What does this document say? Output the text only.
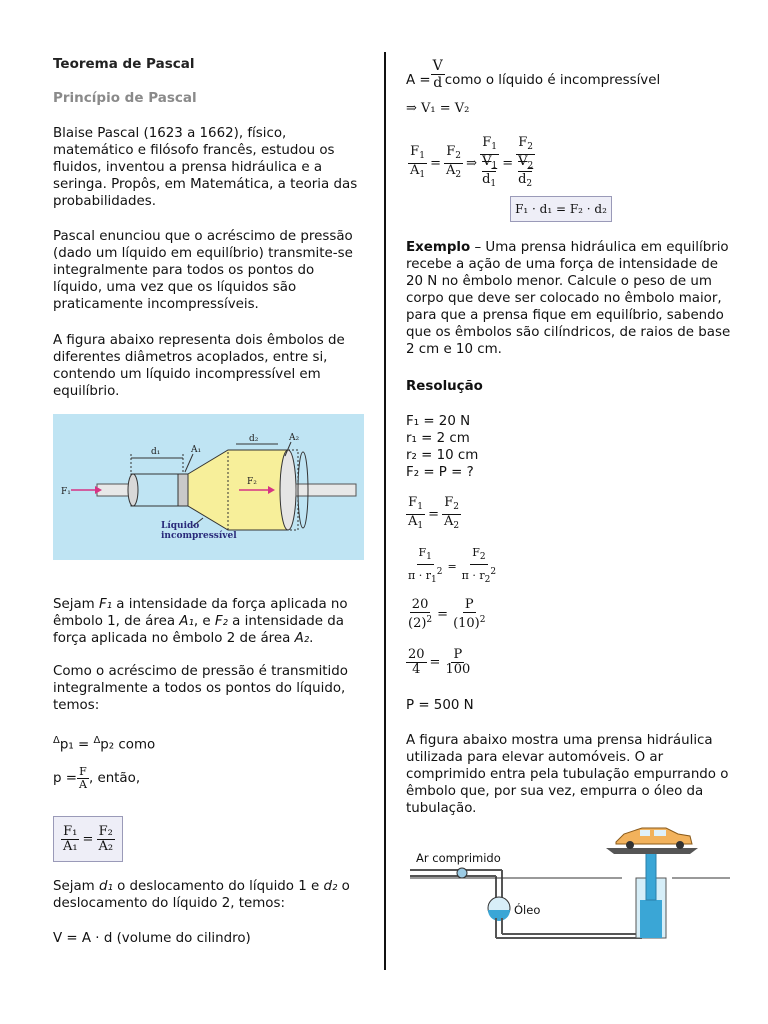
Teorema de Pascal
Princípio de Pascal

Blaise Pascal (1623 a 1662), físico, matemático e filósofo francês, estudou os fluidos, inventou a prensa hidráulica e a seringa. Propôs, em Matemática, a teoria das probabilidades.

Pascal enunciou que o acréscimo de pressão (dado um líquido em equilíbrio) transmite-se integralmente para todos os pontos do líquido, uma vez que os líquidos são praticamente incompressíveis.

A figura abaixo representa dois êmbolos de diferentes diâmetros acoplados, entre si, contendo um líquido incompressível em equilíbrio.

F₁
F₂
d₁
d₂
A₁
A₂
Líquido
incompressível

Sejam F₁ a intensidade da força aplicada no êmbolo 1, de área A₁, e F₂ a intensidade da força aplicada no êmbolo 2 de área A₂.

Como o acréscimo de pressão é transmitido integralmente a todos os pontos do líquido, temos:

$^\Delta$p₁ = $^\Delta$p₂ como
$p = \frac{F}{A}$ , então,
$\frac{\text{F₁}}{\text{A₁}} = \frac{\text{F₂}}{\text{A₂}}$

Sejam d₁ o deslocamento do líquido 1 e d₂ o deslocamento do líquido 2, temos:

V = A · d (volume do cilindro)

$A = \frac{V}{d}$ como o líquido é incompressível
⇒ V₁ = V₂
$\frac{F_1}{A_1} = \frac{F_2}{A_2}$ ⇒
$F_1$
$V_1$
$d_1$
=
$F_2$
$V_2$
$d_2$
F₁ · d₁ = F₂ · d₂

Exemplo – Uma prensa hidráulica em equilíbrio recebe a ação de uma força de intensidade de 20 N no êmbolo menor. Calcule o peso de um corpo que deve ser colocado no êmbolo maior, para que a prensa fique em equilíbrio, sabendo que os êmbolos são cilíndricos, de raios de base 2 cm e 10 cm.

Resolução
F₁ = 20 N
r₁ = 2 cm
r₂ = 10 cm
F₂ = P = ?
$\frac{F_1}{A_1} = \frac{F_2}{A_2}$
$\frac{F_1}{\pi \cdot r_1^2} = \frac{F_2}{\pi \cdot r_2^2}$
$\frac{20}{(2)^2} = \frac{P}{(10)^2}$
$\frac{20}{4} = \frac{P}{100}$
P = 500 N

A figura abaixo mostra uma prensa hidráulica utilizada para elevar automóveis. O ar comprimido entra pela tubulação empurrando o êmbolo que, por sua vez, empurra o óleo da tubulação.

Ar comprimido
Óleo
